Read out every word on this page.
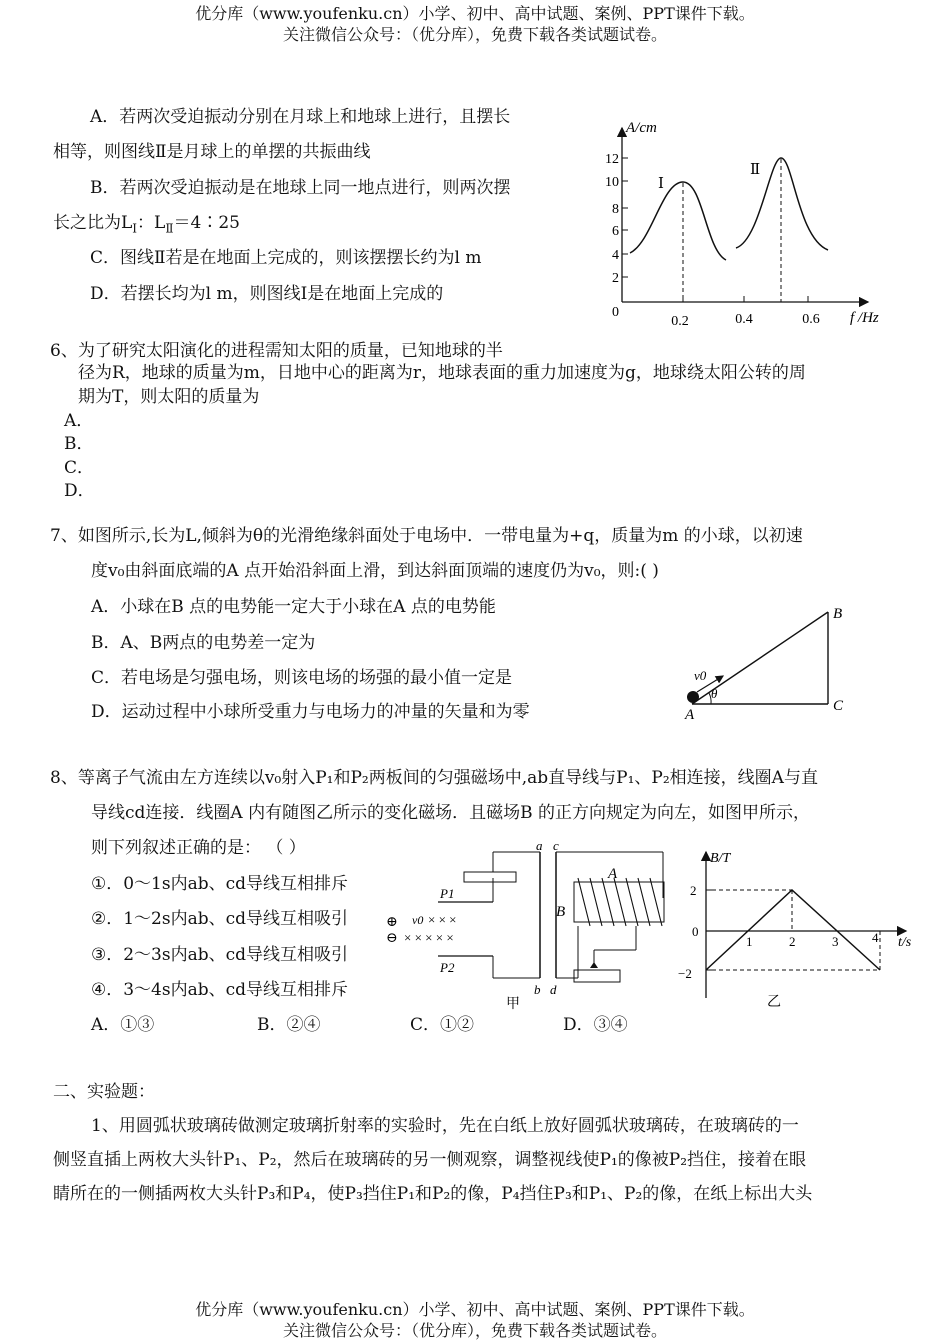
优分库（www.youfenku.cn）小学、初中、高中试题、案例、PPT课件下载。
关注微信公众号：（优分库），免费下载各类试题试卷。
A．若两次受迫振动分别在月球上和地球上进行，且摆长
相等，则图线Ⅱ是月球上的单摆的共振曲线
B．若两次受迫振动是在地球上同一地点进行，则两次摆
长之比为$L_Ⅰ$：$L_Ⅱ=4∶25$
C．图线Ⅱ若是在地面上完成的，则该摆摆长约为l m
D．若摆长均为l m，则图线Ⅰ是在地面上完成的
A/cm
f /Hz
0
12
10
8
6
4
2
0.2	0.4	0.6
Ⅰ
Ⅱ
6、为了研究太阳演化的进程需知太阳的质量，已知地球的半
径为R，地球的质量为m，日地中心的距离为r，地球表面的重力加速度为g，地球绕太阳公转的周
期为T，则太阳的质量为
A．
B．
C．
D．
7、如图所示,长为L,倾斜为θ的光滑绝缘斜面处于电场中．一带电量为+q，质量为m 的小球，以初速
度v₀由斜面底端的A 点开始沿斜面上滑，到达斜面顶端的速度仍为v₀，则:( )
A．小球在B 点的电势能一定大于小球在A 点的电势能
B．A、B两点的电势差一定为
C．若电场是匀强电场，则该电场的场强的最小值一定是
D．运动过程中小球所受重力与电场力的冲量的矢量和为零
B
C
A
v0
θ
8、等离子气流由左方连续以v₀射入P₁和P₂两板间的匀强磁场中,ab直导线与P₁、P₂相连接，线圈A与直
导线cd连接．线圈A 内有随图乙所示的变化磁场．且磁场B 的正方向规定为向左，如图甲所示，
则下列叙述正确的是： （ ）
①．0～1s内ab、cd导线互相排斥
②．1～2s内ab、cd导线互相吸引
③．2～3s内ab、cd导线互相吸引
④．3～4s内ab、cd导线互相排斥
A．①③	B．②④	C．①②	D．③④
P1
P2
⊕
⊖
v0 × × ×
× × × × ×
a
b
c
d
A
B
甲
B/T
t/s
2
0
−2
1	2	3	4
乙
二、实验题：
1、用圆弧状玻璃砖做测定玻璃折射率的实验时，先在白纸上放好圆弧状玻璃砖，在玻璃砖的一
侧竖直插上两枚大头针P₁、P₂，然后在玻璃砖的另一侧观察，调整视线使P₁的像被P₂挡住，接着在眼
睛所在的一侧插两枚大头针P₃和P₄，使P₃挡住P₁和P₂的像，P₄挡住P₃和P₁、P₂的像，在纸上标出大头
优分库（www.youfenku.cn）小学、初中、高中试题、案例、PPT课件下载。
关注微信公众号：（优分库），免费下载各类试题试卷。
